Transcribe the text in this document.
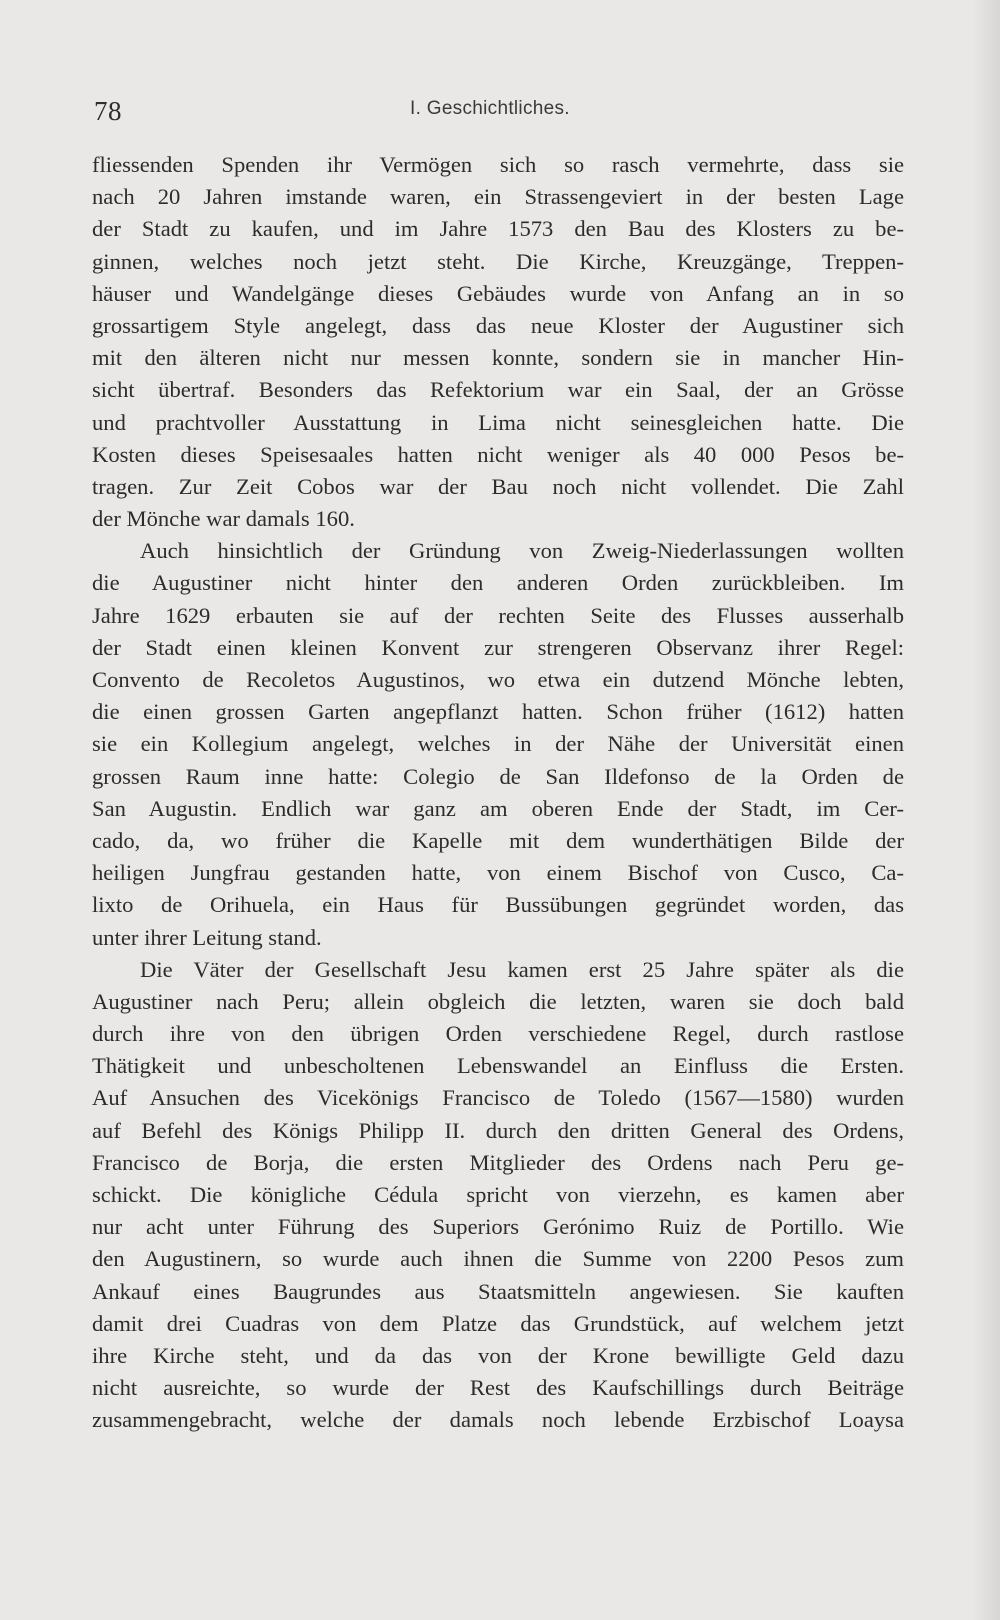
78	I. Geschichtliches.
fliessenden Spenden ihr Vermögen sich so rasch vermehrte, dass sie
nach 20 Jahren imstande waren, ein Strassengeviert in der besten Lage
der Stadt zu kaufen, und im Jahre 1573 den Bau des Klosters zu be-
ginnen, welches noch jetzt steht. Die Kirche, Kreuzgänge, Treppen-
häuser und Wandelgänge dieses Gebäudes wurde von Anfang an in so
grossartigem Style angelegt, dass das neue Kloster der Augustiner sich
mit den älteren nicht nur messen konnte, sondern sie in mancher Hin-
sicht übertraf. Besonders das Refektorium war ein Saal, der an Grösse
und prachtvoller Ausstattung in Lima nicht seinesgleichen hatte. Die
Kosten dieses Speisesaales hatten nicht weniger als 40 000 Pesos be-
tragen. Zur Zeit Cobos war der Bau noch nicht vollendet. Die Zahl
der Mönche war damals 160.
Auch hinsichtlich der Gründung von Zweig-Niederlassungen wollten
die Augustiner nicht hinter den anderen Orden zurückbleiben. Im
Jahre 1629 erbauten sie auf der rechten Seite des Flusses ausserhalb
der Stadt einen kleinen Konvent zur strengeren Observanz ihrer Regel:
Convento de Recoletos Augustinos, wo etwa ein dutzend Mönche lebten,
die einen grossen Garten angepflanzt hatten. Schon früher (1612) hatten
sie ein Kollegium angelegt, welches in der Nähe der Universität einen
grossen Raum inne hatte: Colegio de San Ildefonso de la Orden de
San Augustin. Endlich war ganz am oberen Ende der Stadt, im Cer-
cado, da, wo früher die Kapelle mit dem wunderthätigen Bilde der
heiligen Jungfrau gestanden hatte, von einem Bischof von Cusco, Ca-
lixto de Orihuela, ein Haus für Bussübungen gegründet worden, das
unter ihrer Leitung stand.
Die Väter der Gesellschaft Jesu kamen erst 25 Jahre später als die
Augustiner nach Peru; allein obgleich die letzten, waren sie doch bald
durch ihre von den übrigen Orden verschiedene Regel, durch rastlose
Thätigkeit und unbescholtenen Lebenswandel an Einfluss die Ersten.
Auf Ansuchen des Vicekönigs Francisco de Toledo (1567—1580) wurden
auf Befehl des Königs Philipp II. durch den dritten General des Ordens,
Francisco de Borja, die ersten Mitglieder des Ordens nach Peru ge-
schickt. Die königliche Cédula spricht von vierzehn, es kamen aber
nur acht unter Führung des Superiors Gerónimo Ruiz de Portillo. Wie
den Augustinern, so wurde auch ihnen die Summe von 2200 Pesos zum
Ankauf eines Baugrundes aus Staatsmitteln angewiesen. Sie kauften
damit drei Cuadras von dem Platze das Grundstück, auf welchem jetzt
ihre Kirche steht, und da das von der Krone bewilligte Geld dazu
nicht ausreichte, so wurde der Rest des Kaufschillings durch Beiträge
zusammengebracht, welche der damals noch lebende Erzbischof Loaysa
